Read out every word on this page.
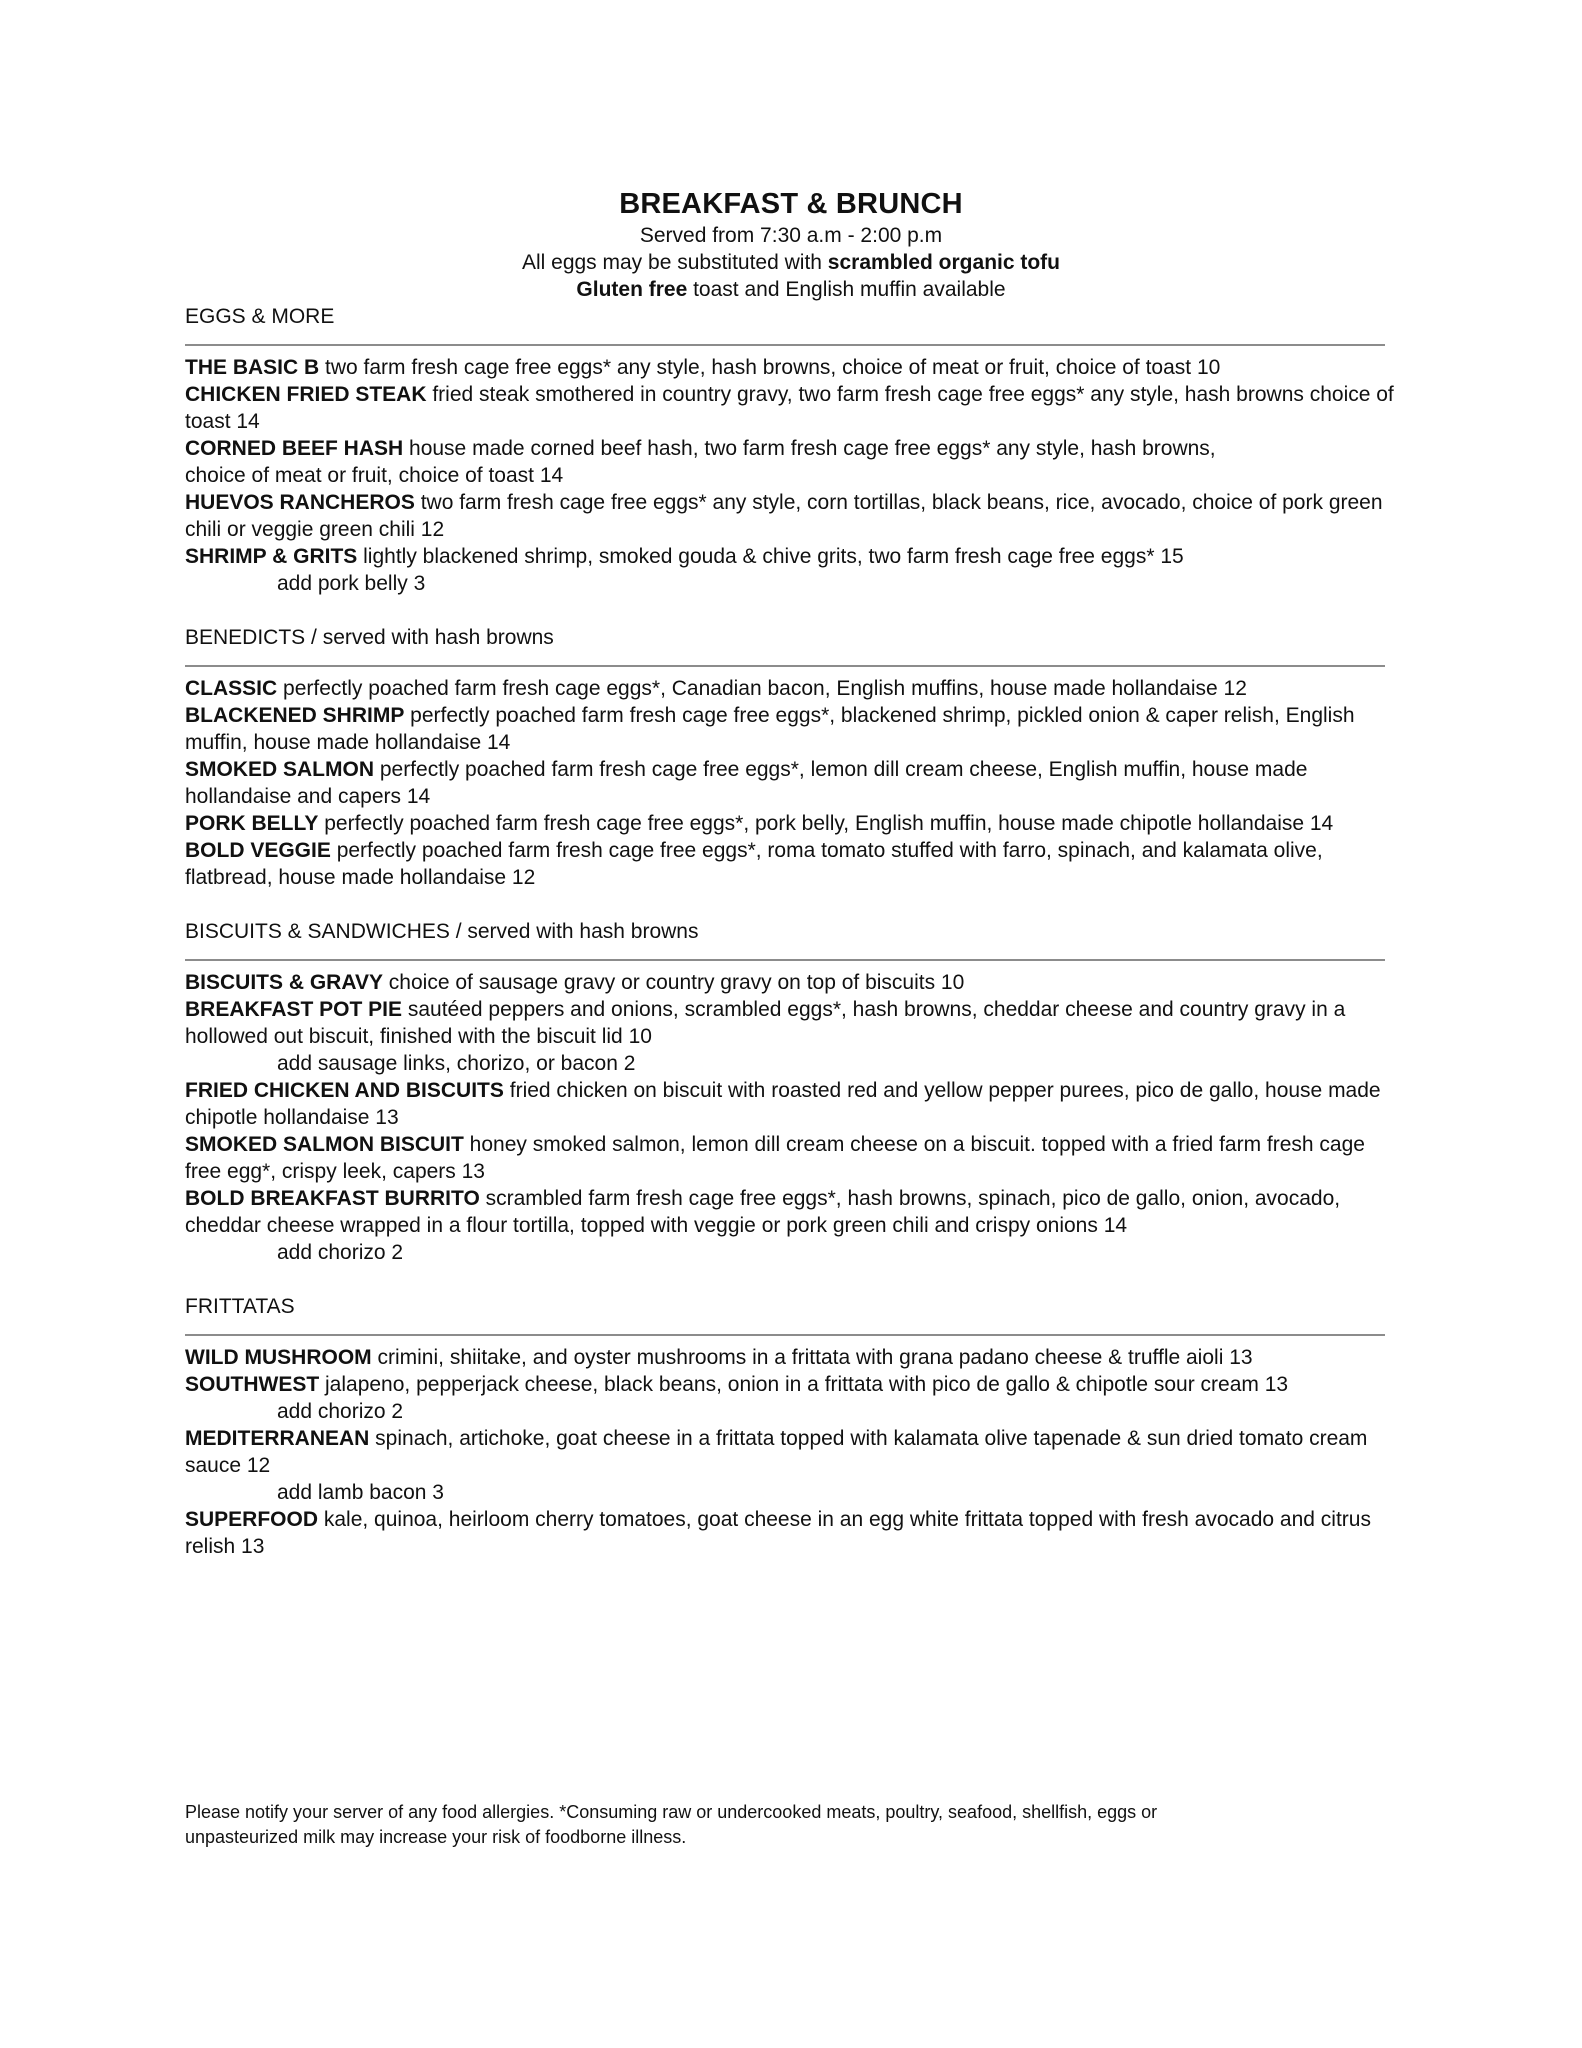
BREAKFAST & BRUNCH

Served from 7:30 a.m - 2:00 p.m

All eggs may be substituted with scrambled organic tofu

Gluten free toast and English muffin available

EGGS & MORE

THE BASIC B two farm fresh cage free eggs* any style, hash browns, choice of meat or fruit, choice of toast 10

CHICKEN FRIED STEAK fried steak smothered in country gravy, two farm fresh cage free eggs* any style, hash browns choice of toast 14

CORNED BEEF HASH house made corned beef hash, two farm fresh cage free eggs* any style, hash browns,
choice of meat or fruit, choice of toast 14

HUEVOS RANCHEROS two farm fresh cage free eggs* any style, corn tortillas, black beans, rice, avocado, choice of pork green chili or veggie green chili 12

SHRIMP & GRITS lightly blackened shrimp, smoked gouda & chive grits, two farm fresh cage free eggs* 15

add pork belly 3

BENEDICTS / served with hash browns

CLASSIC perfectly poached farm fresh cage eggs*, Canadian bacon, English muffins, house made hollandaise 12

BLACKENED SHRIMP perfectly poached farm fresh cage free eggs*, blackened shrimp, pickled onion & caper relish, English muffin, house made hollandaise 14

SMOKED SALMON perfectly poached farm fresh cage free eggs*, lemon dill cream cheese, English muffin, house made hollandaise and capers 14

PORK BELLY perfectly poached farm fresh cage free eggs*, pork belly, English muffin, house made chipotle hollandaise 14

BOLD VEGGIE perfectly poached farm fresh cage free eggs*, roma tomato stuffed with farro, spinach, and kalamata olive, flatbread, house made hollandaise 12

BISCUITS & SANDWICHES / served with hash browns

BISCUITS & GRAVY choice of sausage gravy or country gravy on top of biscuits 10

BREAKFAST POT PIE sautéed peppers and onions, scrambled eggs*, hash browns, cheddar cheese and country gravy in a hollowed out biscuit, finished with the biscuit lid 10

add sausage links, chorizo, or bacon 2

FRIED CHICKEN AND BISCUITS fried chicken on biscuit with roasted red and yellow pepper purees, pico de gallo, house made chipotle hollandaise 13

SMOKED SALMON BISCUIT honey smoked salmon, lemon dill cream cheese on a biscuit. topped with a fried farm fresh cage free egg*, crispy leek, capers 13

BOLD BREAKFAST BURRITO scrambled farm fresh cage free eggs*, hash browns, spinach, pico de gallo, onion, avocado, cheddar cheese wrapped in a flour tortilla, topped with veggie or pork green chili and crispy onions 14

add chorizo 2

FRITTATAS

WILD MUSHROOM crimini, shiitake, and oyster mushrooms in a frittata with grana padano cheese & truffle aioli 13

SOUTHWEST jalapeno, pepperjack cheese, black beans, onion in a frittata with pico de gallo & chipotle sour cream 13

add chorizo 2

MEDITERRANEAN spinach, artichoke, goat cheese in a frittata topped with kalamata olive tapenade & sun dried tomato cream sauce 12

add lamb bacon 3

SUPERFOOD kale, quinoa, heirloom cherry tomatoes, goat cheese in an egg white frittata topped with fresh avocado and citrus relish 13

Please notify your server of any food allergies. *Consuming raw or undercooked meats, poultry, seafood, shellfish, eggs or
unpasteurized milk may increase your risk of foodborne illness.
